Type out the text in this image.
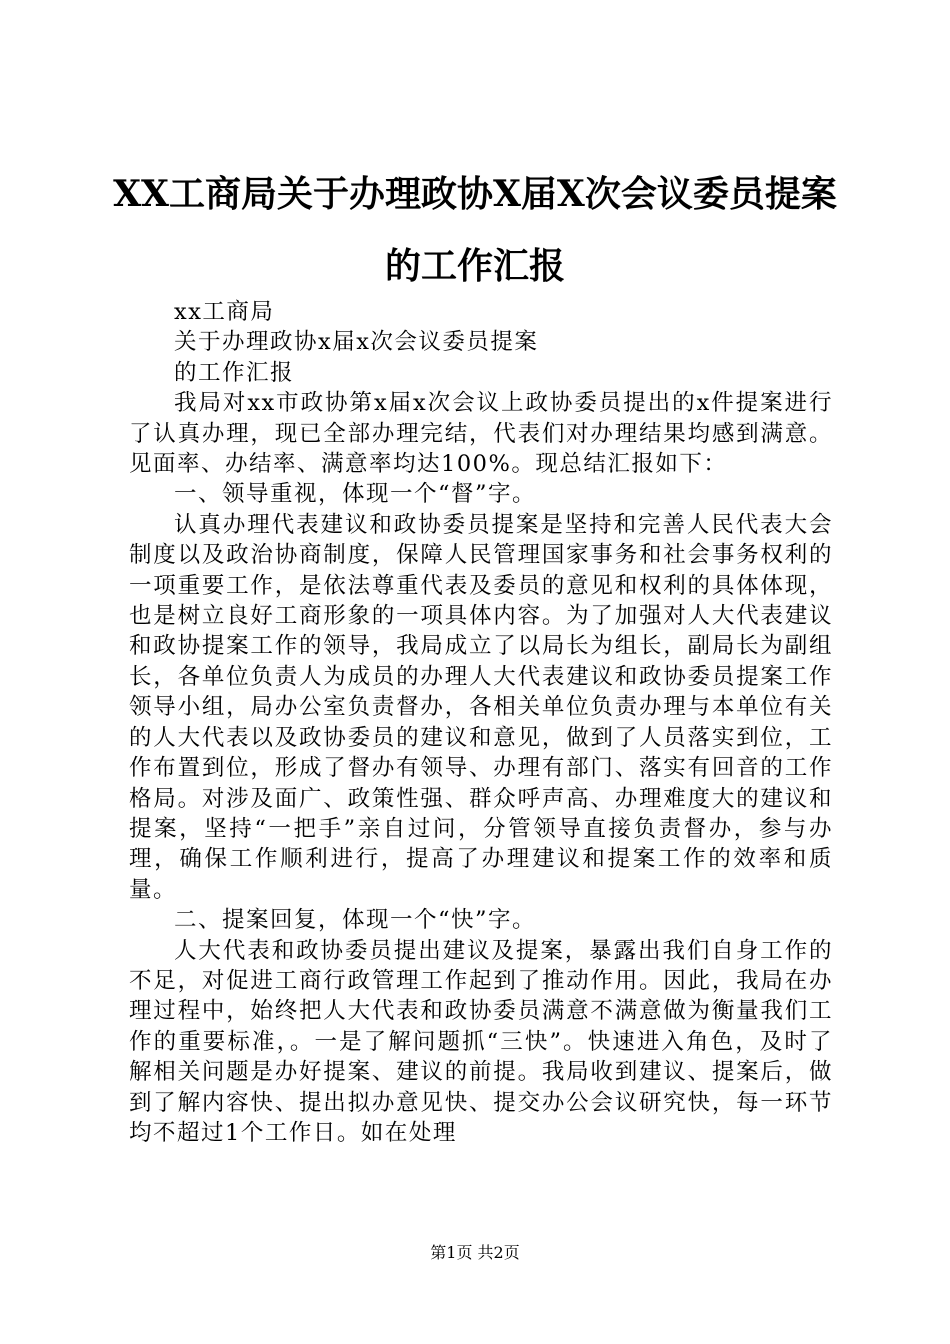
XX工商局关于办理政协X届X次会议委员提案
的工作汇报

xx工商局

关于办理政协x届x次会议委员提案

的工作汇报

我局对xx市政协第x届x次会议上政协委员提出的x件提案进行了认真办理，现已全部办理完结，代表们对办理结果均感到满意。见面率、办结率、满意率均达100%。现总结汇报如下：

一、领导重视，体现一个“督”字。

认真办理代表建议和政协委员提案是坚持和完善人民代表大会制度以及政治协商制度，保障人民管理国家事务和社会事务权利的一项重要工作，是依法尊重代表及委员的意见和权利的具体体现，也是树立良好工商形象的一项具体内容。为了加强对人大代表建议和政协提案工作的领导，我局成立了以局长为组长，副局长为副组长，各单位负责人为成员的办理人大代表建议和政协委员提案工作领导小组，局办公室负责督办，各相关单位负责办理与本单位有关的人大代表以及政协委员的建议和意见，做到了人员落实到位，工作布置到位，形成了督办有领导、办理有部门、落实有回音的工作格局。对涉及面广、政策性强、群众呼声高、办理难度大的建议和提案，坚持“一把手”亲自过问，分管领导直接负责督办，参与办理，确保工作顺利进行，提高了办理建议和提案工作的效率和质量。

二、提案回复，体现一个“快”字。

人大代表和政协委员提出建议及提案，暴露出我们自身工作的不足，对促进工商行政管理工作起到了推动作用。因此，我局在办理过程中，始终把人大代表和政协委员满意不满意做为衡量我们工作的重要标准，。一是了解问题抓“三快”。快速进入角色，及时了解相关问题是办好提案、建议的前提。我局收到建议、提案后，做到了解内容快、提出拟办意见快、提交办公会议研究快，每一环节均不超过1个工作日。如在处理

第1页 共2页
